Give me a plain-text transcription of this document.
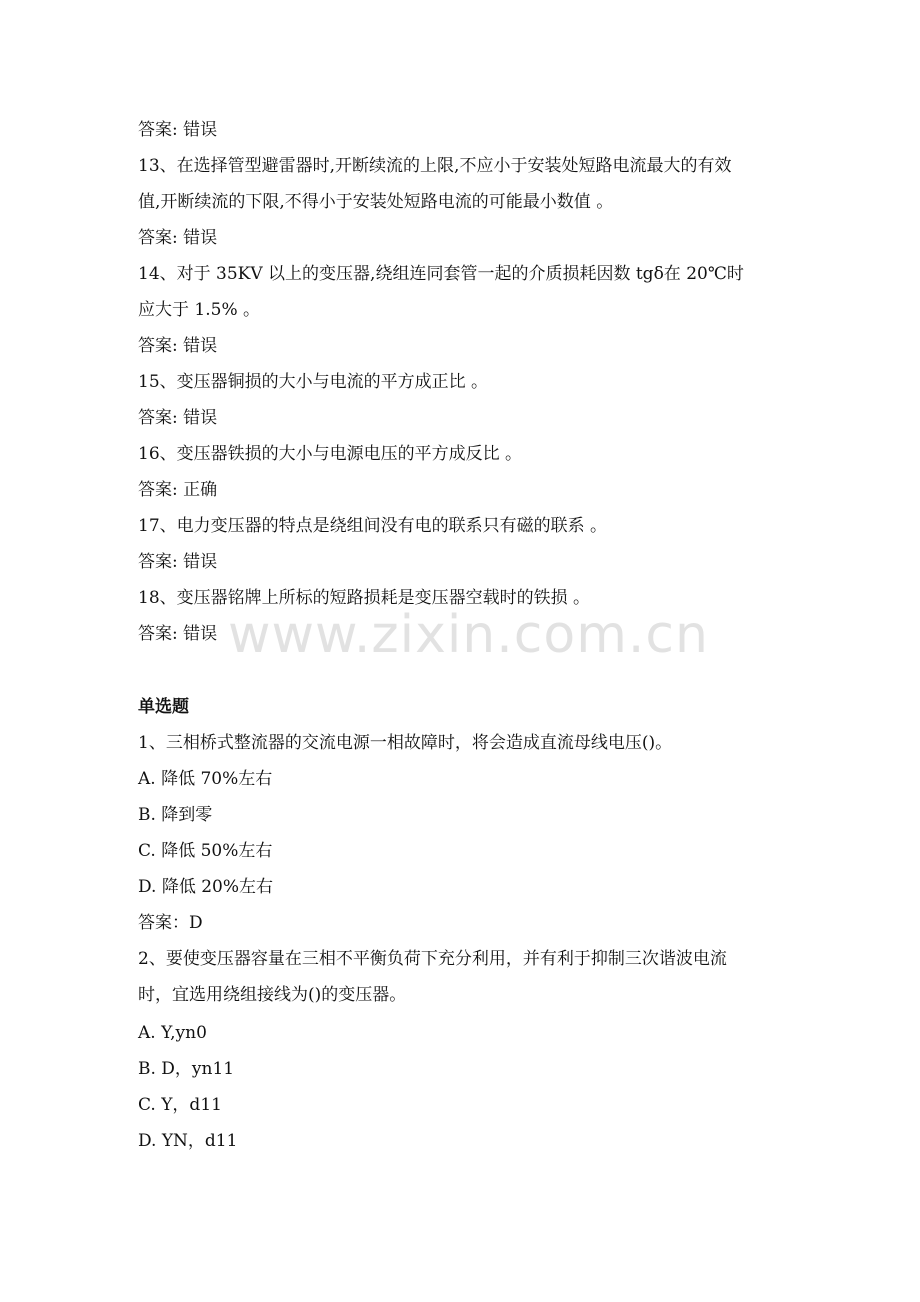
答案: 错误
13、在选择管型避雷器时,开断续流的上限,不应小于安装处短路电流最大的有效
值,开断续流的下限,不得小于安装处短路电流的可能最小数值 。
答案: 错误
14、对于 35KV 以上的变压器,绕组连同套管一起的介质损耗因数 tgδ在 20℃时
应大于 1.5% 。
答案: 错误
15、变压器铜损的大小与电流的平方成正比 。
答案: 错误
16、变压器铁损的大小与电源电压的平方成反比 。
答案: 正确
17、电力变压器的特点是绕组间没有电的联系只有磁的联系 。
答案: 错误
18、变压器铭牌上所标的短路损耗是变压器空载时的铁损 。
答案: 错误 www.zixin.com.cn
单选题
1、三相桥式整流器的交流电源一相故障时，将会造成直流母线电压()。
A. 降低 70%左右
B. 降到零
C. 降低 50%左右
D. 降低 20%左右
答案：D
2、要使变压器容量在三相不平衡负荷下充分利用，并有利于抑制三次谐波电流
时，宜选用绕组接线为()的变压器。
A. Y,yn0
B. D，yn11
C. Y，d11
D. YN，d11
